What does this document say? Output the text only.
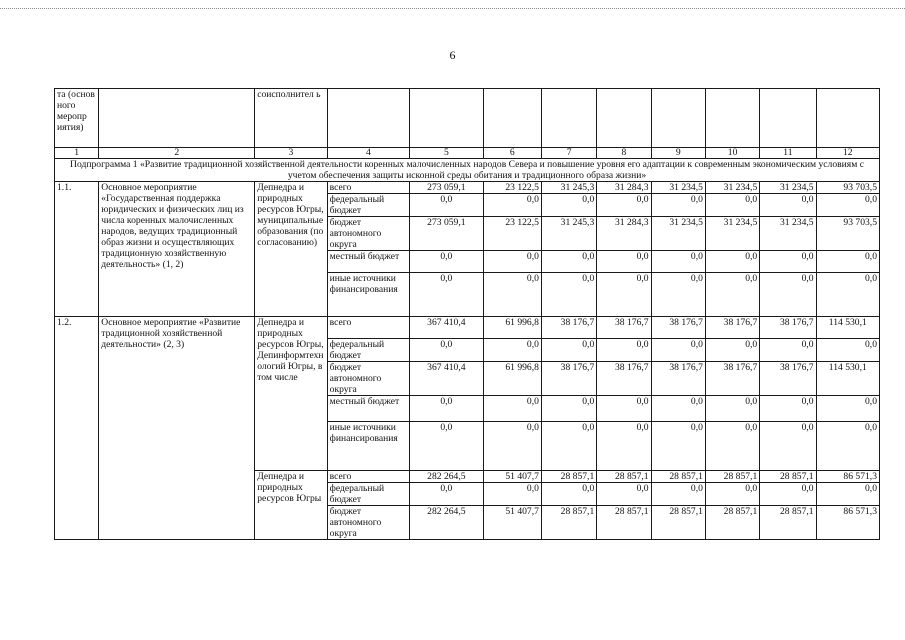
6
та (основ ного меропр иятия)		соисполнител ь									
1	2	3	4	5	6	7	8	9	10	11	12
Подпрограмма 1 «Развитие традиционной хозяйственной деятельности коренных малочисленных народов Севера и повышение уровня его адаптации к современным экономическим условиям с учетом обеспечения защиты исконной среды обитания и традиционного образа жизни»											
1.1.	Основное мероприятие «Государственная поддержка юридических и физических лиц из числа коренных малочисленных народов, ведущих традиционный образ жизни и осуществляющих традиционную хозяйственную деятельность» (1, 2)	Депнедра и природных ресурсов Югры, муниципальные образования (по согласованию)	всего	273 059,1	23 122,5	31 245,3	31 284,3	31 234,5	31 234,5	31 234,5	93 703,5
			федеральный бюджет	0,0	0,0	0,0	0,0	0,0	0,0	0,0	0,0
			бюджет автономного округа	273 059,1	23 122,5	31 245,3	31 284,3	31 234,5	31 234,5	31 234,5	93 703,5
			местный бюджет	0,0	0,0	0,0	0,0	0,0	0,0	0,0	0,0
			иные источники финансирования	0,0	0,0	0,0	0,0	0,0	0,0	0,0	0,0
1.2.	Основное мероприятие «Развитие традиционной хозяйственной деятельности» (2, 3)	Депнедра и природных ресурсов Югры, Депинформтехнологий Югры, в том числе	всего	367 410,4	61 996,8	38 176,7	38 176,7	38 176,7	38 176,7	38 176,7	114 530,1
			федеральный бюджет	0,0	0,0	0,0	0,0	0,0	0,0	0,0	0,0
			бюджет автономного округа	367 410,4	61 996,8	38 176,7	38 176,7	38 176,7	38 176,7	38 176,7	114 530,1
			местный бюджет	0,0	0,0	0,0	0,0	0,0	0,0	0,0	0,0
			иные источники финансирования	0,0	0,0	0,0	0,0	0,0	0,0	0,0	0,0
		Депнедра и природных ресурсов Югры	всего	282 264,5	51 407,7	28 857,1	28 857,1	28 857,1	28 857,1	28 857,1	86 571,3
			федеральный бюджет	0,0	0,0	0,0	0,0	0,0	0,0	0,0	0,0
			бюджет автономного округа	282 264,5	51 407,7	28 857,1	28 857,1	28 857,1	28 857,1	28 857,1	86 571,3
